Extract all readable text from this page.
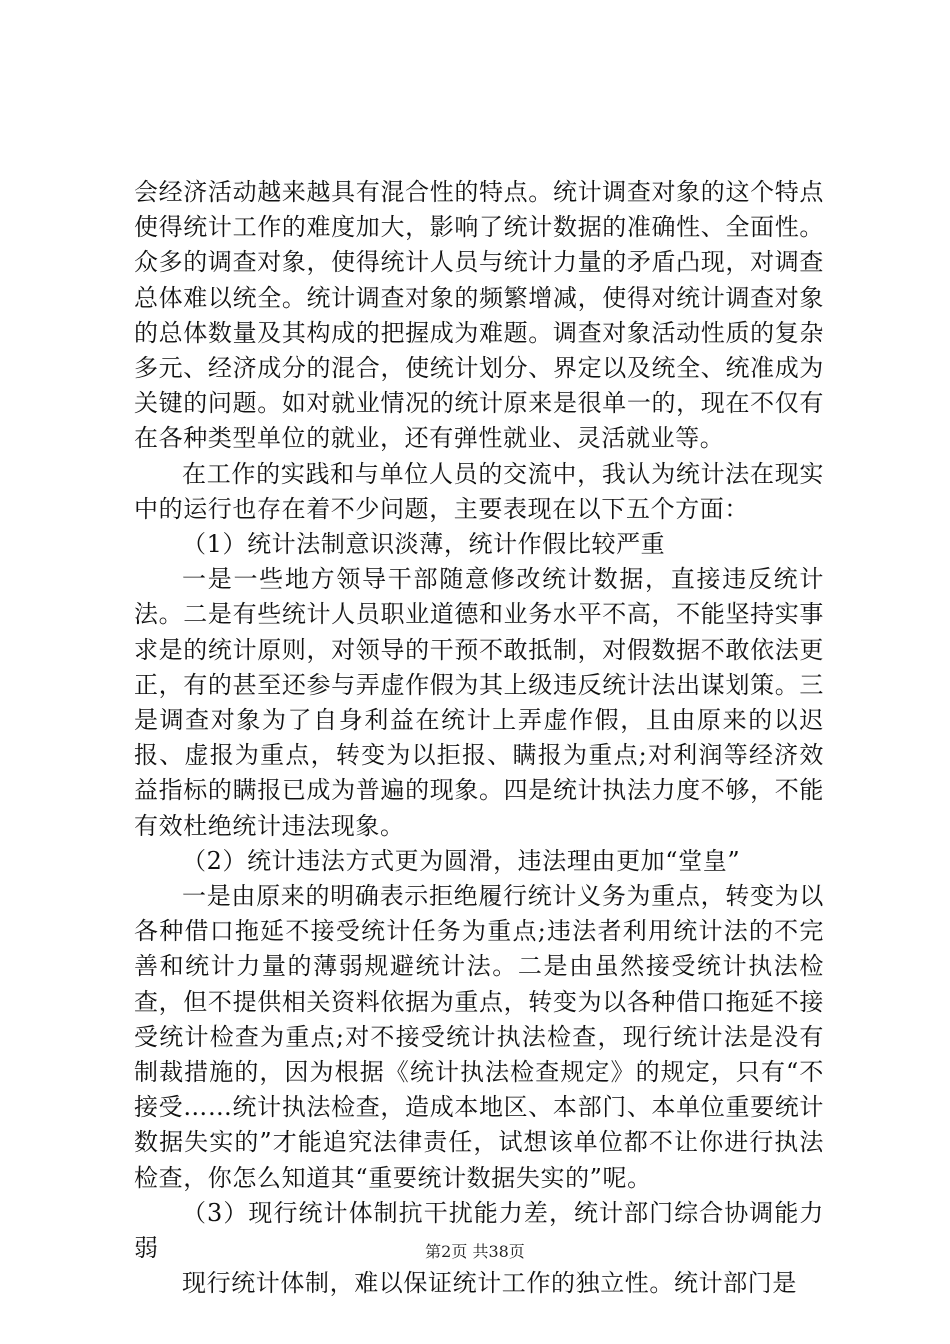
会经济活动越来越具有混合性的特点。统计调查对象的这个特点使得统计工作的难度加大，影响了统计数据的准确性、全面性。众多的调查对象，使得统计人员与统计力量的矛盾凸现，对调查总体难以统全。统计调查对象的频繁增减，使得对统计调查对象的总体数量及其构成的把握成为难题。调查对象活动性质的复杂多元、经济成分的混合，使统计划分、界定以及统全、统准成为关键的问题。如对就业情况的统计原来是很单一的，现在不仅有在各种类型单位的就业，还有弹性就业、灵活就业等。

在工作的实践和与单位人员的交流中，我认为统计法在现实中的运行也存在着不少问题，主要表现在以下五个方面：

（1）统计法制意识淡薄，统计作假比较严重

一是一些地方领导干部随意修改统计数据，直接违反统计法。二是有些统计人员职业道德和业务水平不高，不能坚持实事求是的统计原则，对领导的干预不敢抵制，对假数据不敢依法更正，有的甚至还参与弄虚作假为其上级违反统计法出谋划策。三是调查对象为了自身利益在统计上弄虚作假，且由原来的以迟报、虚报为重点，转变为以拒报、瞒报为重点;对利润等经济效益指标的瞒报已成为普遍的现象。四是统计执法力度不够，不能有效杜绝统计违法现象。

（2）统计违法方式更为圆滑，违法理由更加“堂皇”

一是由原来的明确表示拒绝履行统计义务为重点，转变为以各种借口拖延不接受统计任务为重点;违法者利用统计法的不完善和统计力量的薄弱规避统计法。二是由虽然接受统计执法检查，但不提供相关资料依据为重点，转变为以各种借口拖延不接受统计检查为重点;对不接受统计执法检查，现行统计法是没有制裁措施的，因为根据《统计执法检查规定》的规定，只有“不接受……统计执法检查，造成本地区、本部门、本单位重要统计数据失实的”才能追究法律责任，试想该单位都不让你进行执法检查，你怎么知道其“重要统计数据失实的”呢。

（3）现行统计体制抗干扰能力差，统计部门综合协调能力弱

现行统计体制，难以保证统计工作的独立性。统计部门是

第2页 共38页
